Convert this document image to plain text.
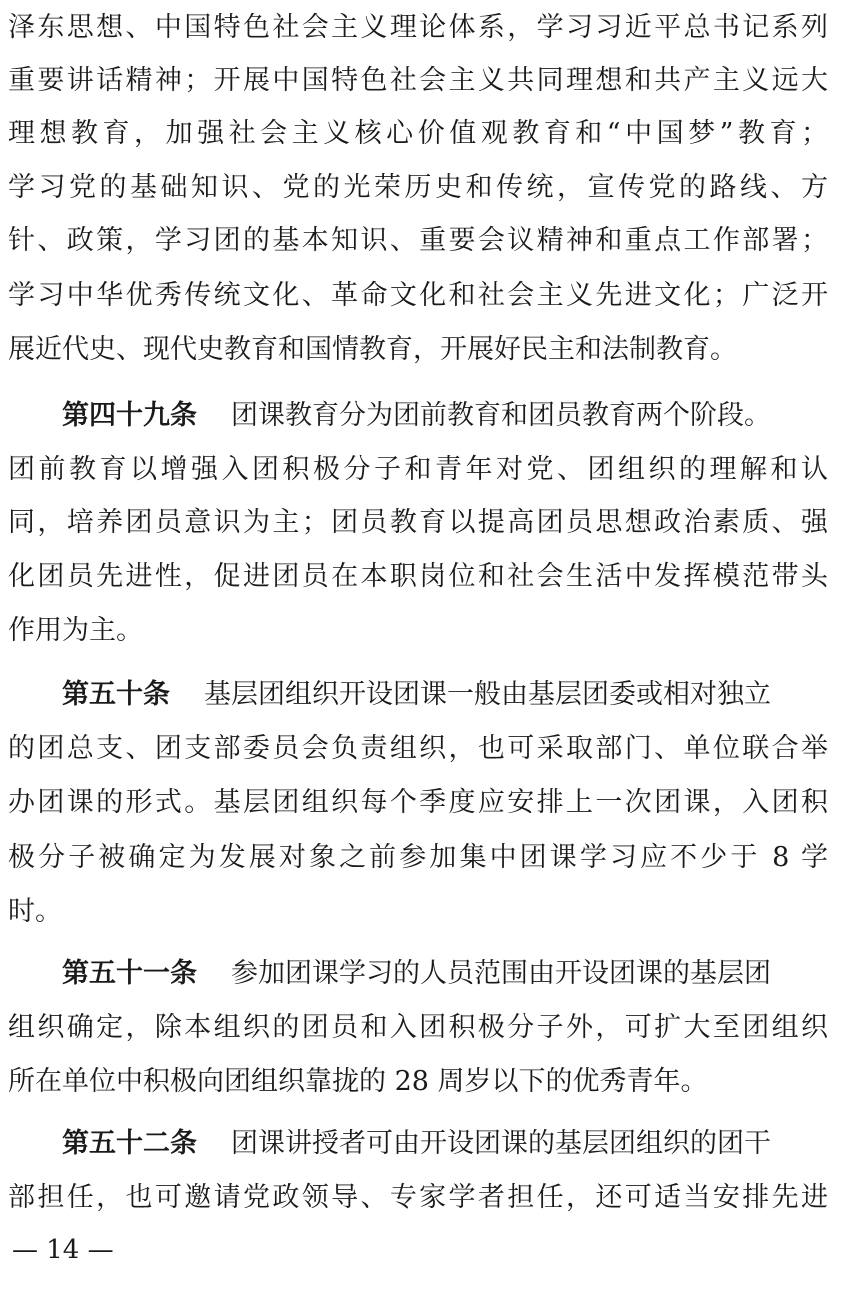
泽东思想、中国特色社会主义理论体系，学习习近平总书记系列
重要讲话精神；开展中国特色社会主义共同理想和共产主义远大
理想教育，加强社会主义核心价值观教育和“中国梦”教育；
学习党的基础知识、党的光荣历史和传统，宣传党的路线、方
针、政策，学习团的基本知识、重要会议精神和重点工作部署；
学习中华优秀传统文化、革命文化和社会主义先进文化；广泛开
展近代史、现代史教育和国情教育，开展好民主和法制教育。
第四十九条 团课教育分为团前教育和团员教育两个阶段。
团前教育以增强入团积极分子和青年对党、团组织的理解和认
同，培养团员意识为主；团员教育以提高团员思想政治素质、强
化团员先进性，促进团员在本职岗位和社会生活中发挥模范带头
作用为主。
第五十条 基层团组织开设团课一般由基层团委或相对独立
的团总支、团支部委员会负责组织，也可采取部门、单位联合举
办团课的形式。基层团组织每个季度应安排上一次团课，入团积
极分子被确定为发展对象之前参加集中团课学习应不少于 8 学
时。
第五十一条 参加团课学习的人员范围由开设团课的基层团
组织确定，除本组织的团员和入团积极分子外，可扩大至团组织
所在单位中积极向团组织靠拢的 28 周岁以下的优秀青年。
第五十二条 团课讲授者可由开设团课的基层团组织的团干
部担任，也可邀请党政领导、专家学者担任，还可适当安排先进
— 14 —
